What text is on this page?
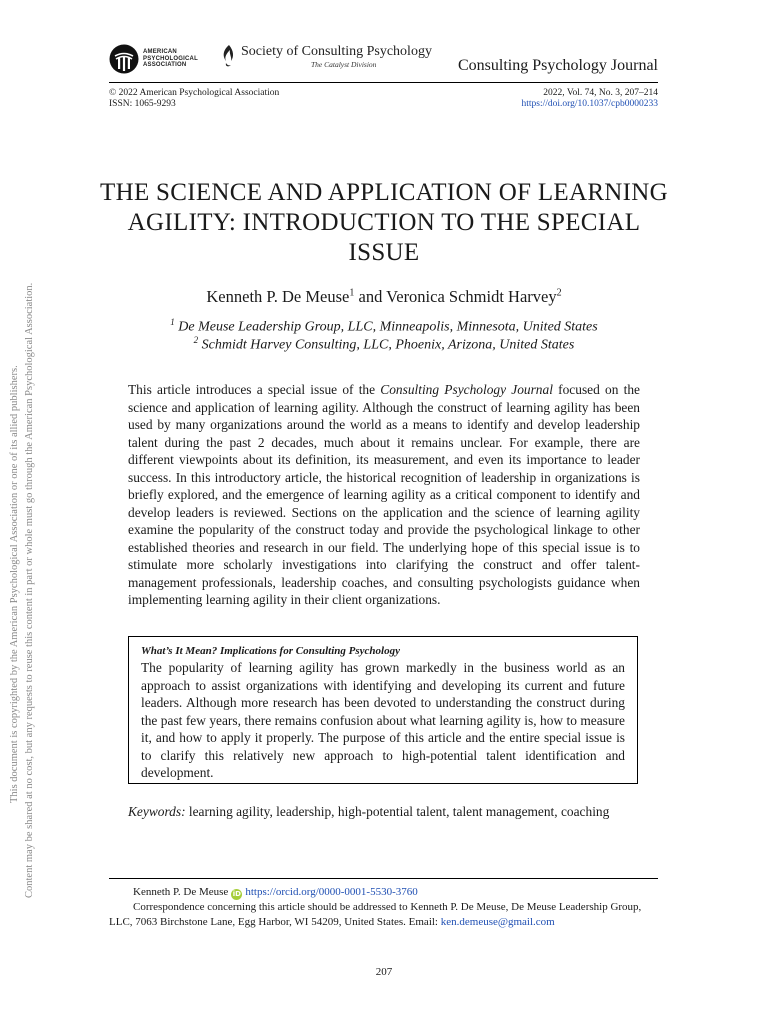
This document is copyrighted by the American Psychological Association or one of its allied publishers. Content may be shared at no cost, but any requests to reuse this content in part or whole must go through the American Psychological Association.
AMERICAN
PSYCHOLOGICAL
ASSOCIATION
Society of Consulting Psychology
The Catalyst Division	Consulting Psychology Journal
© 2022 American Psychological Association
ISSN: 1065-9293
2022, Vol. 74, No. 3, 207–214
https://doi.org/10.1037/cpb0000233
THE SCIENCE AND APPLICATION OF LEARNING AGILITY: INTRODUCTION TO THE SPECIAL ISSUE
Kenneth P. De Meuse$^1$ and Veronica Schmidt Harvey$^2$
$^1$ De Meuse Leadership Group, LLC, Minneapolis, Minnesota, United States
$^2$ Schmidt Harvey Consulting, LLC, Phoenix, Arizona, United States
This article introduces a special issue of the Consulting Psychology Journal focused on the science and application of learning agility. Although the construct of learning agility has been used by many organizations around the world as a means to identify and develop leadership talent during the past 2 decades, much about it remains unclear. For example, there are different viewpoints about its definition, its measurement, and even its importance to leader success. In this introductory article, the historical recognition of leadership in organizations is briefly explored, and the emergence of learning agility as a critical component to identify and develop leaders is reviewed. Sections on the application and the science of learning agility examine the popularity of the construct today and provide the psychological linkage to other established theories and research in our field. The underlying hope of this special issue is to stimulate more scholarly investigations into clarifying the construct and offer talent-management professionals, leadership coaches, and consulting psychologists guidance when implementing learning agility in their client organizations.
What’s It Mean? Implications for Consulting Psychology
The popularity of learning agility has grown markedly in the business world as an approach to assist organizations with identifying and developing its current and future leaders. Although more research has been devoted to understanding the construct during the past few years, there remains confusion about what learning agility is, how to measure it, and how to apply it properly. The purpose of this article and the entire special issue is to clarify this relatively new approach to high-potential talent identification and development.
Keywords: learning agility, leadership, high-potential talent, talent management, coaching
Kenneth P. De Meuse iD https://orcid.org/0000-0001-5530-3760
Correspondence concerning this article should be addressed to Kenneth P. De Meuse, De Meuse Leadership Group, LLC, 7063 Birchstone Lane, Egg Harbor, WI 54209, United States. Email: ken.demeuse@gmail.com
207
